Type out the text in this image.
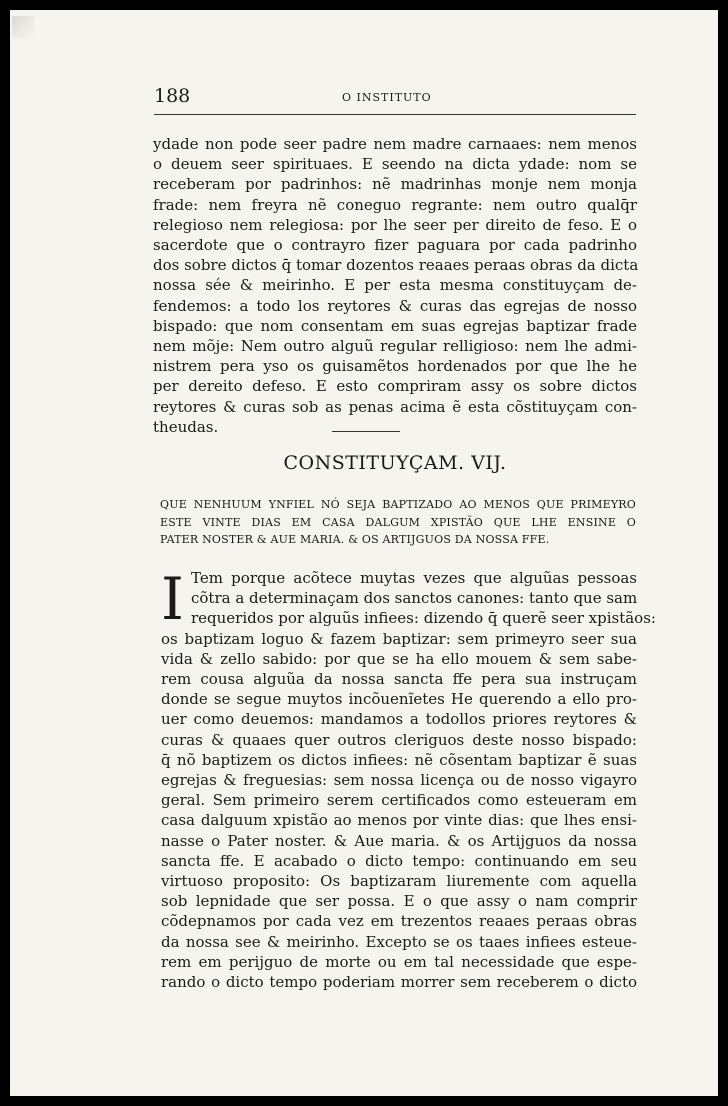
188	O INSTITUTO
ydade non pode seer padre nem madre carnaaes: nem menos
o deuem seer spirituaes. E seendo na dicta ydade: nom se
receberam por padrinhos: nẽ madrinhas monje nem monja
frade: nem freyra nẽ coneguo regrante: nem outro qualq̄r
relegioso nem relegiosa: por lhe seer per direito de feso. E o
sacerdote que o contrayro fizer paguara por cada padrinho
dos sobre dictos q̄ tomar dozentos reaaes peraas obras da dicta
nossa sée & meirinho. E per esta mesma constituyçam de-
fendemos: a todo los reytores & curas das egrejas de nosso
bispado: que nom consentam em suas egrejas baptizar frade
nem mõje: Nem outro alguũ regular relligioso: nem lhe admi-
nistrem pera yso os guisamẽtos hordenados por que lhe he
per dereito defeso. E esto compriram assy os sobre dictos
reytores & curas sob as penas acima ẽ esta cõstituyçam con-
theudas.
CONSTITUYÇAM. VIJ.
QUE NENHUUM YNFIEL NÓ SEJA BAPTIZADO AO MENOS QUE PRIMEYRO
ESTE VINTE DIAS EM CASA DALGUM XPISTÃO QUE LHE ENSINE O
PATER NOSTER & AUE MARIA. & OS ARTIJGUOS DA NOSSA FFE.
I Tem porque acõtece muytas vezes que alguũas pessoas
cõtra a determinaçam dos sanctos canones: tanto que sam
requeridos por alguũs infiees: dizendo q̄ querẽ seer xpistãos:
os baptizam loguo & fazem baptizar: sem primeyro seer sua
vida & zello sabido: por que se ha ello mouem & sem sabe-
rem cousa alguũa da nossa sancta ffe pera sua instruçam
donde se segue muytos incõuenĩetes He querendo a ello pro-
uer como deuemos: mandamos a todollos priores reytores &
curas & quaaes quer outros cleriguos deste nosso bispado:
q̄ nõ baptizem os dictos infiees: nẽ cõsentam baptizar ẽ suas
egrejas & freguesias: sem nossa licença ou de nosso vigayro
geral. Sem primeiro serem certificados como esteueram em
casa dalguum xpistão ao menos por vinte dias: que lhes ensi-
nasse o Pater noster. & Aue maria. & os Artijguos da nossa
sancta ffe. E acabado o dicto tempo: continuando em seu
virtuoso proposito: Os baptizaram liuremente com aquella
sob lepnidade que ser possa. E o que assy o nam comprir
cõdepnamos por cada vez em trezentos reaaes peraas obras
da nossa see & meirinho. Excepto se os taaes infiees esteue-
rem em perijguo de morte ou em tal necessidade que espe-
rando o dicto tempo poderiam morrer sem receberem o dicto
